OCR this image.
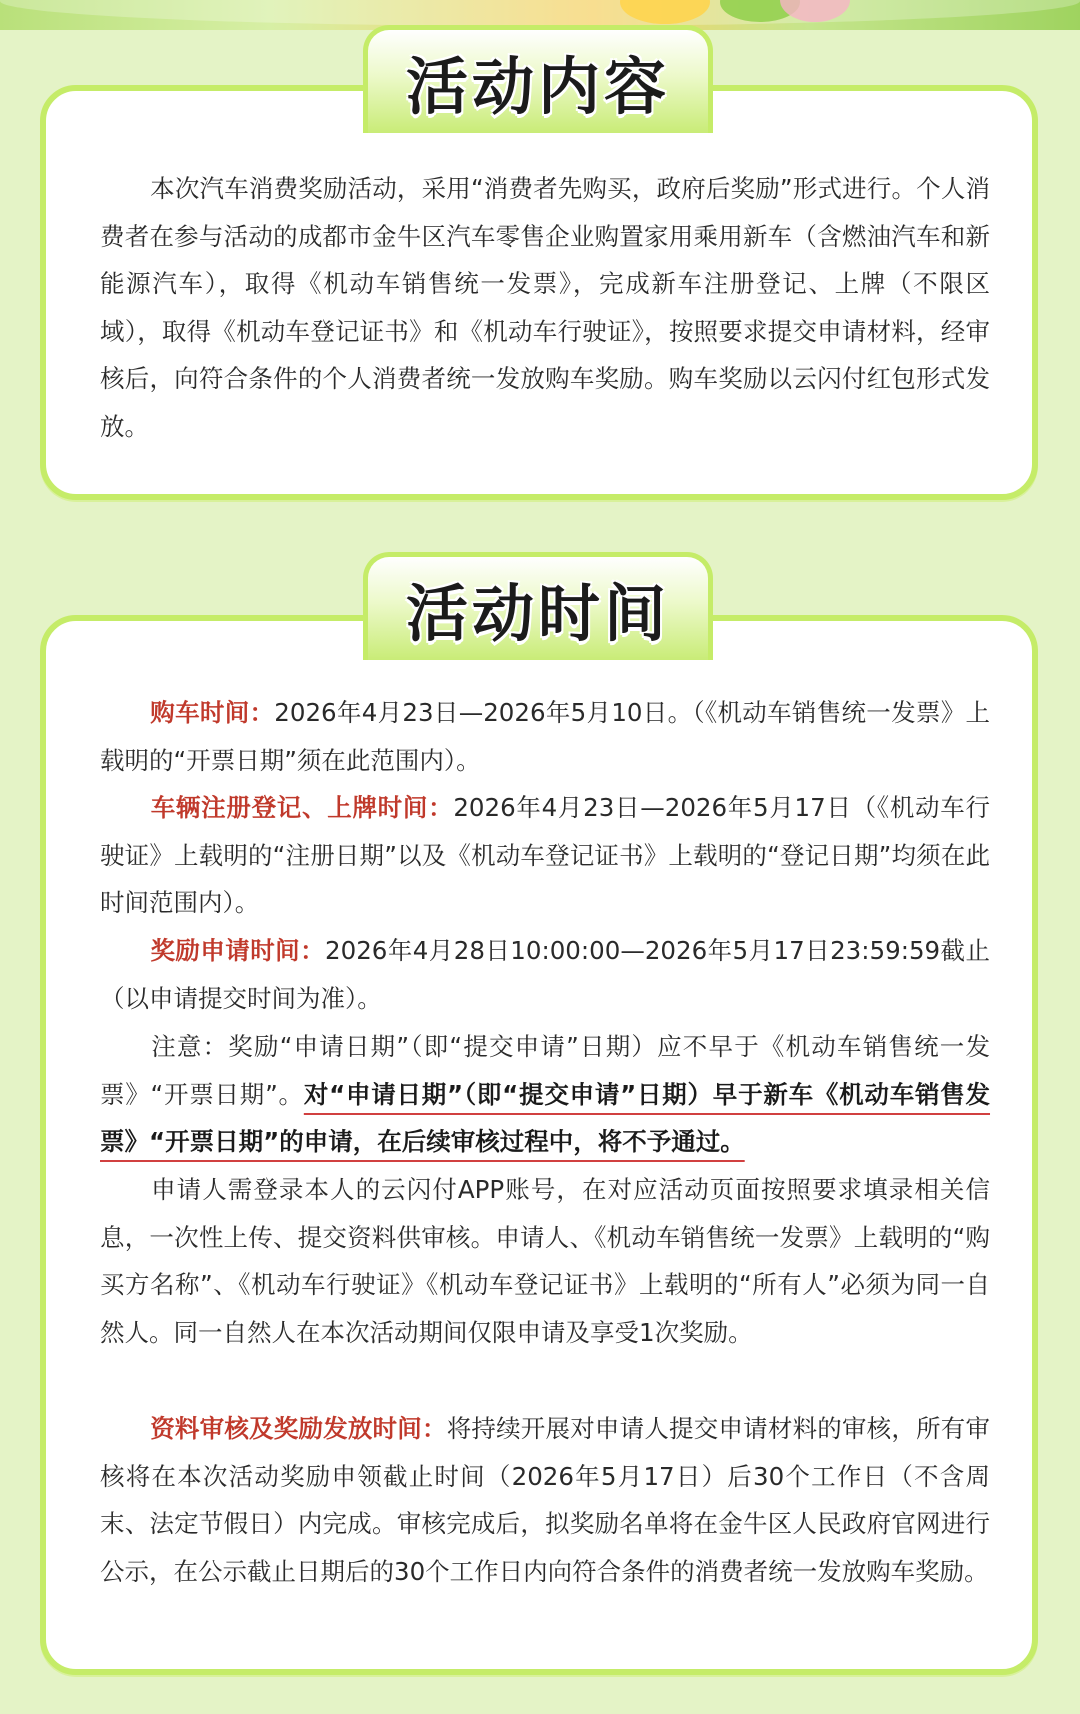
活动内容

本次汽车消费奖励活动，采用“消费者先购买，政府后奖励”形式进行。个人消费者在参与活动的成都市金牛区汽车零售企业购置家用乘用新车（含燃油汽车和新能源汽车），取得《机动车销售统一发票》，完成新车注册登记、上牌（不限区域），取得《机动车登记证书》和《机动车行驶证》，按照要求提交申请材料，经审核后，向符合条件的个人消费者统一发放购车奖励。购车奖励以云闪付红包形式发放。

活动时间

购车时间：2026年4月23日—2026年5月10日。（《机动车销售统一发票》上载明的“开票日期”须在此范围内）。

车辆注册登记、上牌时间：2026年4月23日—2026年5月17日（《机动车行驶证》上载明的“注册日期”以及《机动车登记证书》上载明的“登记日期”均须在此时间范围内）。

奖励申请时间：2026年4月28日10:00:00—2026年5月17日23:59:59截止（以申请提交时间为准）。

注意：奖励“申请日期”（即“提交申请”日期）应不早于《机动车销售统一发票》“开票日期”。对“申请日期”（即“提交申请”日期）早于新车《机动车销售发票》“开票日期”的申请，在后续审核过程中，将不予通过。

申请人需登录本人的云闪付APP账号，在对应活动页面按照要求填录相关信息，一次性上传、提交资料供审核。申请人、《机动车销售统一发票》上载明的“购买方名称”、《机动车行驶证》《机动车登记证书》上载明的“所有人”必须为同一自然人。同一自然人在本次活动期间仅限申请及享受1次奖励。

资料审核及奖励发放时间：将持续开展对申请人提交申请材料的审核，所有审核将在本次活动奖励申领截止时间（2026年5月17日）后30个工作日（不含周末、法定节假日）内完成。审核完成后，拟奖励名单将在金牛区人民政府官网进行公示，在公示截止日期后的30个工作日内向符合条件的消费者统一发放购车奖励。
